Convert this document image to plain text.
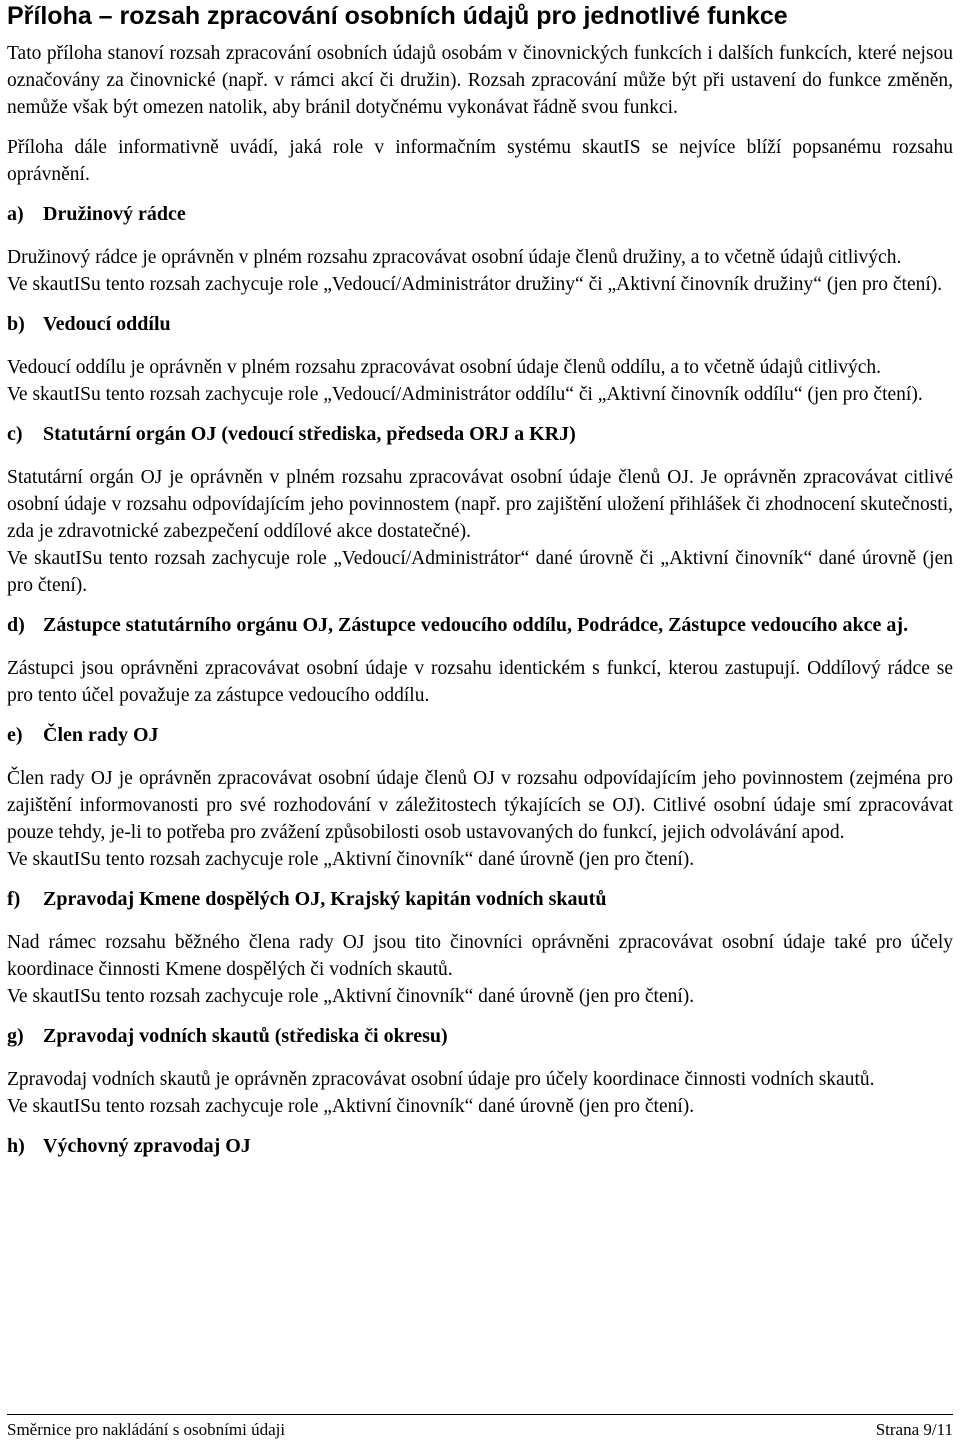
Příloha – rozsah zpracování osobních údajů pro jednotlivé funkce

Tato příloha stanoví rozsah zpracování osobních údajů osobám v činovnických funkcích i dalších funkcích, které nejsou označovány za činovnické (např. v rámci akcí či družin). Rozsah zpracování může být při ustavení do funkce změněn, nemůže však být omezen natolik, aby bránil dotyčnému vykonávat řádně svou funkci.

Příloha dále informativně uvádí, jaká role v informačním systému skautIS se nejvíce blíží popsanému rozsahu oprávnění.

a) Družinový rádce

Družinový rádce je oprávněn v plném rozsahu zpracovávat osobní údaje členů družiny, a to včetně údajů citlivých.

Ve skautISu tento rozsah zachycuje role „Vedoucí/Administrátor družiny“ či „Aktivní činovník družiny“ (jen pro čtení).

b) Vedoucí oddílu

Vedoucí oddílu je oprávněn v plném rozsahu zpracovávat osobní údaje členů oddílu, a to včetně údajů citlivých.

Ve skautISu tento rozsah zachycuje role „Vedoucí/Administrátor oddílu“ či „Aktivní činovník oddílu“ (jen pro čtení).

c)	Statutární orgán OJ (vedoucí střediska, předseda ORJ a KRJ)

Statutární orgán OJ je oprávněn v plném rozsahu zpracovávat osobní údaje členů OJ. Je oprávněn zpracovávat citlivé osobní údaje v rozsahu odpovídajícím jeho povinnostem (např. pro zajištění uložení přihlášek či zhodnocení skutečnosti, zda je zdravotnické zabezpečení oddílové akce dostatečné).

Ve skautISu tento rozsah zachycuje role „Vedoucí/Administrátor“ dané úrovně či „Aktivní činovník“ dané úrovně (jen pro čtení).

d) Zástupce statutárního orgánu OJ, Zástupce vedoucího oddílu, Podrádce, Zástupce vedoucího akce aj.

Zástupci jsou oprávněni zpracovávat osobní údaje v rozsahu identickém s funkcí, kterou zastupují. Oddílový rádce se pro tento účel považuje za zástupce vedoucího oddílu.

e)	Člen rady OJ

Člen rady OJ je oprávněn zpracovávat osobní údaje členů OJ v rozsahu odpovídajícím jeho povinnostem (zejména pro zajištění informovanosti pro své rozhodování v záležitostech týkajících se OJ). Citlivé osobní údaje smí zpracovávat pouze tehdy, je-li to potřeba pro zvážení způsobilosti osob ustavovaných do funkcí, jejich odvolávání apod.

Ve skautISu tento rozsah zachycuje role „Aktivní činovník“ dané úrovně (jen pro čtení).

f)	Zpravodaj Kmene dospělých OJ, Krajský kapitán vodních skautů

Nad rámec rozsahu běžného člena rady OJ jsou tito činovníci oprávněni zpracovávat osobní údaje také pro účely koordinace činnosti Kmene dospělých či vodních skautů.

Ve skautISu tento rozsah zachycuje role „Aktivní činovník“ dané úrovně (jen pro čtení).

g) Zpravodaj vodních skautů (střediska či okresu)

Zpravodaj vodních skautů je oprávněn zpracovávat osobní údaje pro účely koordinace činnosti vodních skautů.

Ve skautISu tento rozsah zachycuje role „Aktivní činovník“ dané úrovně (jen pro čtení).

h) Výchovný zpravodaj OJ
Směrnice pro nakládání s osobními údaji	Strana 9/11
